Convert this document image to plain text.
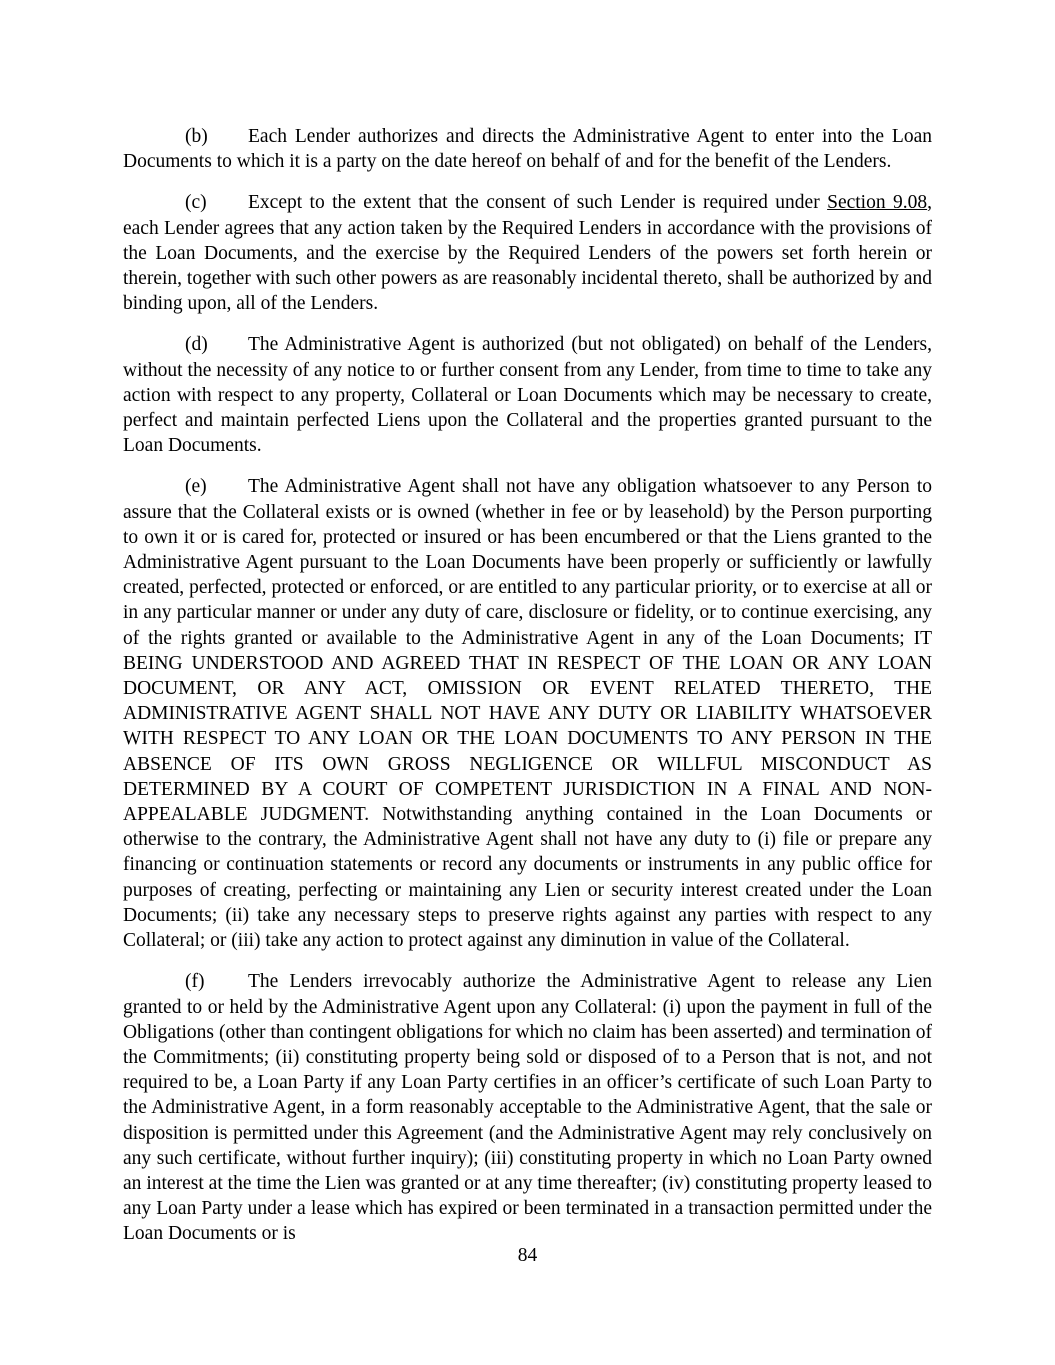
(b) Each Lender authorizes and directs the Administrative Agent to enter into the Loan Documents to which it is a party on the date hereof on behalf of and for the benefit of the Lenders.

(c) Except to the extent that the consent of such Lender is required under Section 9.08, each Lender agrees that any action taken by the Required Lenders in accordance with the provisions of the Loan Documents, and the exercise by the Required Lenders of the powers set forth herein or therein, together with such other powers as are reasonably incidental thereto, shall be authorized by and binding upon, all of the Lenders.

(d) The Administrative Agent is authorized (but not obligated) on behalf of the Lenders, without the necessity of any notice to or further consent from any Lender, from time to time to take any action with respect to any property, Collateral or Loan Documents which may be necessary to create, perfect and maintain perfected Liens upon the Collateral and the properties granted pursuant to the Loan Documents.

(e) The Administrative Agent shall not have any obligation whatsoever to any Person to assure that the Collateral exists or is owned (whether in fee or by leasehold) by the Person purporting to own it or is cared for, protected or insured or has been encumbered or that the Liens granted to the Administrative Agent pursuant to the Loan Documents have been properly or sufficiently or lawfully created, perfected, protected or enforced, or are entitled to any particular priority, or to exercise at all or in any particular manner or under any duty of care, disclosure or fidelity, or to continue exercising, any of the rights granted or available to the Administrative Agent in any of the Loan Documents; IT BEING UNDERSTOOD AND AGREED THAT IN RESPECT OF THE LOAN OR ANY LOAN DOCUMENT, OR ANY ACT, OMISSION OR EVENT RELATED THERETO, THE ADMINISTRATIVE AGENT SHALL NOT HAVE ANY DUTY OR LIABILITY WHATSOEVER WITH RESPECT TO ANY LOAN OR THE LOAN DOCUMENTS TO ANY PERSON IN THE ABSENCE OF ITS OWN GROSS NEGLIGENCE OR WILLFUL MISCONDUCT AS DETERMINED BY A COURT OF COMPETENT JURISDICTION IN A FINAL AND NON-APPEALABLE JUDGMENT. Notwithstanding anything contained in the Loan Documents or otherwise to the contrary, the Administrative Agent shall not have any duty to (i) file or prepare any financing or continuation statements or record any documents or instruments in any public office for purposes of creating, perfecting or maintaining any Lien or security interest created under the Loan Documents; (ii) take any necessary steps to preserve rights against any parties with respect to any Collateral; or (iii) take any action to protect against any diminution in value of the Collateral.

(f) The Lenders irrevocably authorize the Administrative Agent to release any Lien granted to or held by the Administrative Agent upon any Collateral: (i) upon the payment in full of the Obligations (other than contingent obligations for which no claim has been asserted) and termination of the Commitments; (ii) constituting property being sold or disposed of to a Person that is not, and not required to be, a Loan Party if any Loan Party certifies in an officer’s certificate of such Loan Party to the Administrative Agent, in a form reasonably acceptable to the Administrative Agent, that the sale or disposition is permitted under this Agreement (and the Administrative Agent may rely conclusively on any such certificate, without further inquiry); (iii) constituting property in which no Loan Party owned an interest at the time the Lien was granted or at any time thereafter; (iv) constituting property leased to any Loan Party under a lease which has expired or been terminated in a transaction permitted under the Loan Documents or is

84
